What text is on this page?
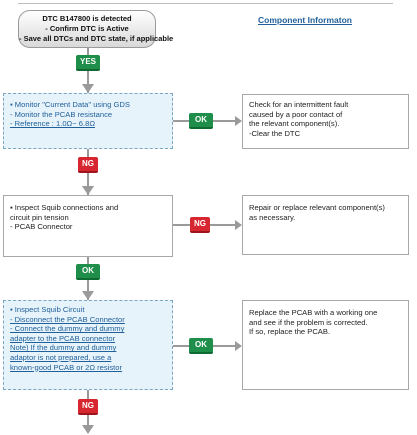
DTC B147800 is detected
- Confirm DTC is Active
- Save all DTCs and DTC state, if applicable
Component Informaton
YES
▪ Monitor "Current Data" using GDS
- Monitor the PCAB resistance
- Reference : 1.0Ω~ 6.8Ω	OK
Check for an intermittent fault
caused by a poor contact of
the relevant component(s).
-Clear the DTC
NG
▪ Inspect Squib connections and
circuit pin tension
- PCAB Connector	NG
Repair or replace relevant component(s)
as necessary.
OK
▪ Inspect Squib Circuit
- Disconnect the PCAB Connector
- Connect the dummy and dummy
adapter to the PCAB connector
Note) If the dummy and dummy
adaptor is not prepared, use a
known-good PCAB or 2Ω resistor
OK
Replace the PCAB with a working one
and see if the problem is corrected.
If so, replace the PCAB.
NG
